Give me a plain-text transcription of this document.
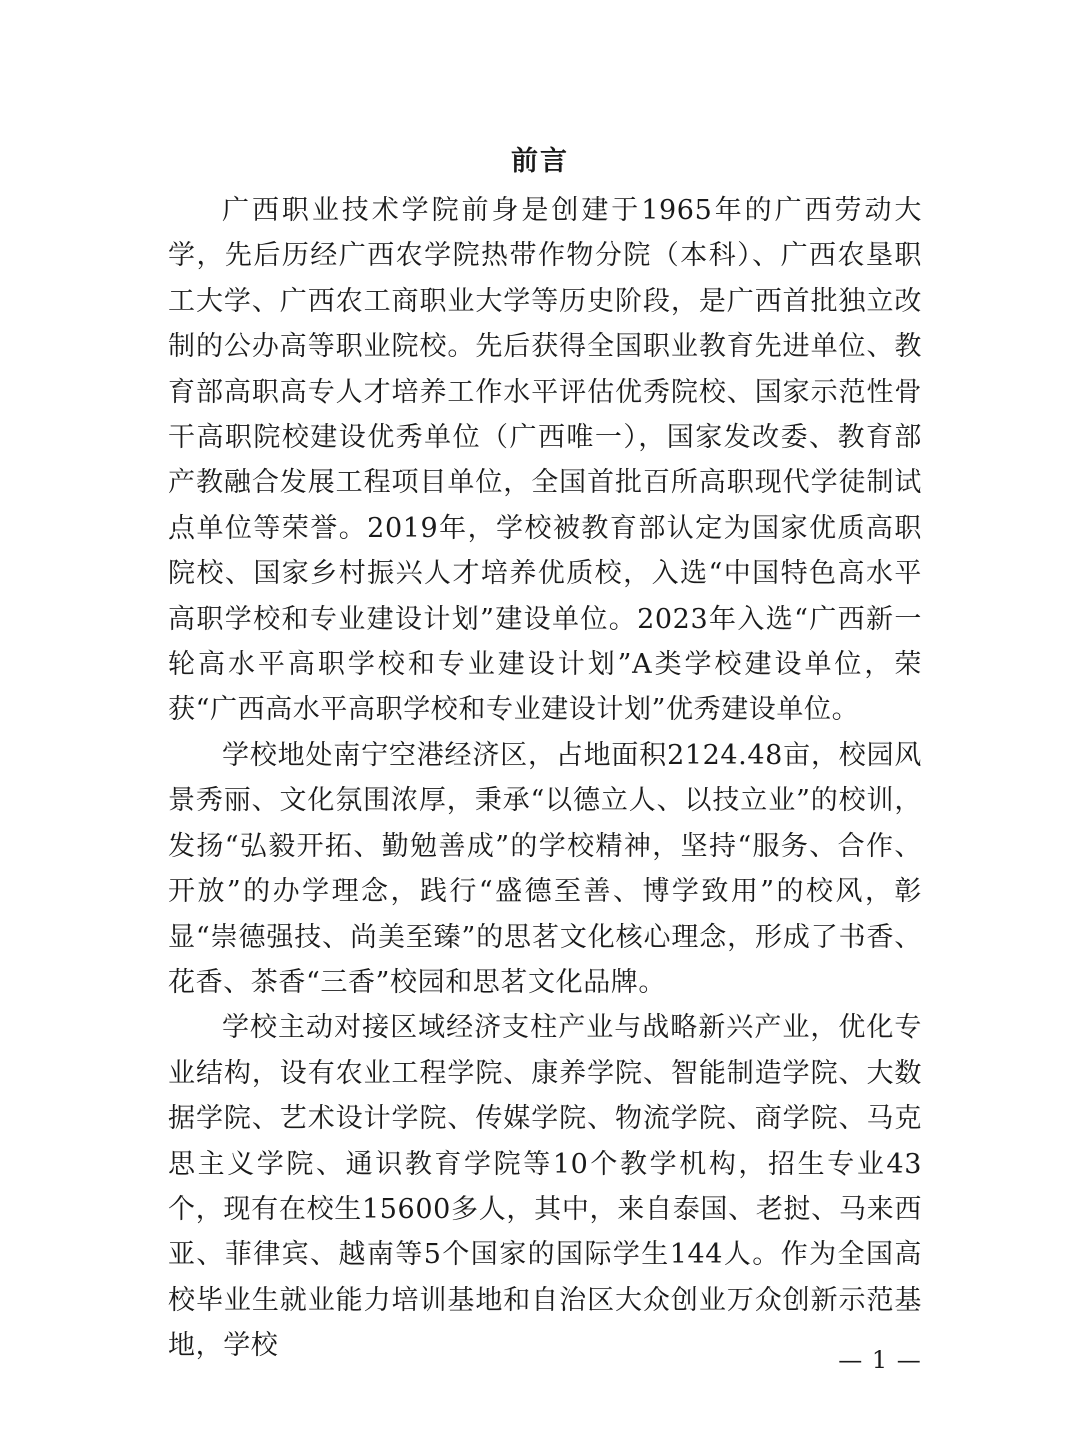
前言

广西职业技术学院前身是创建于1965年的广西劳动大学，先后历经广西农学院热带作物分院（本科）、广西农垦职工大学、广西农工商职业大学等历史阶段，是广西首批独立改制的公办高等职业院校。先后获得全国职业教育先进单位、教育部高职高专人才培养工作水平评估优秀院校、国家示范性骨干高职院校建设优秀单位（广西唯一），国家发改委、教育部产教融合发展工程项目单位，全国首批百所高职现代学徒制试点单位等荣誉。2019年，学校被教育部认定为国家优质高职院校、国家乡村振兴人才培养优质校，入选“中国特色高水平高职学校和专业建设计划”建设单位。2023年入选“广西新一轮高水平高职学校和专业建设计划”A类学校建设单位，荣获“广西高水平高职学校和专业建设计划”优秀建设单位。

学校地处南宁空港经济区，占地面积2124.48亩，校园风景秀丽、文化氛围浓厚，秉承“以德立人、以技立业”的校训，发扬“弘毅开拓、勤勉善成”的学校精神，坚持“服务、合作、开放”的办学理念，践行“盛德至善、博学致用”的校风，彰显“崇德强技、尚美至臻”的思茗文化核心理念，形成了书香、花香、茶香“三香”校园和思茗文化品牌。

学校主动对接区域经济支柱产业与战略新兴产业，优化专业结构，设有农业工程学院、康养学院、智能制造学院、大数据学院、艺术设计学院、传媒学院、物流学院、商学院、马克思主义学院、通识教育学院等10个教学机构，招生专业43个，现有在校生15600多人，其中，来自泰国、老挝、马来西亚、菲律宾、越南等5个国家的国际学生144人。作为全国高校毕业生就业能力培训基地和自治区大众创业万众创新示范基地，学校	— 1 —
